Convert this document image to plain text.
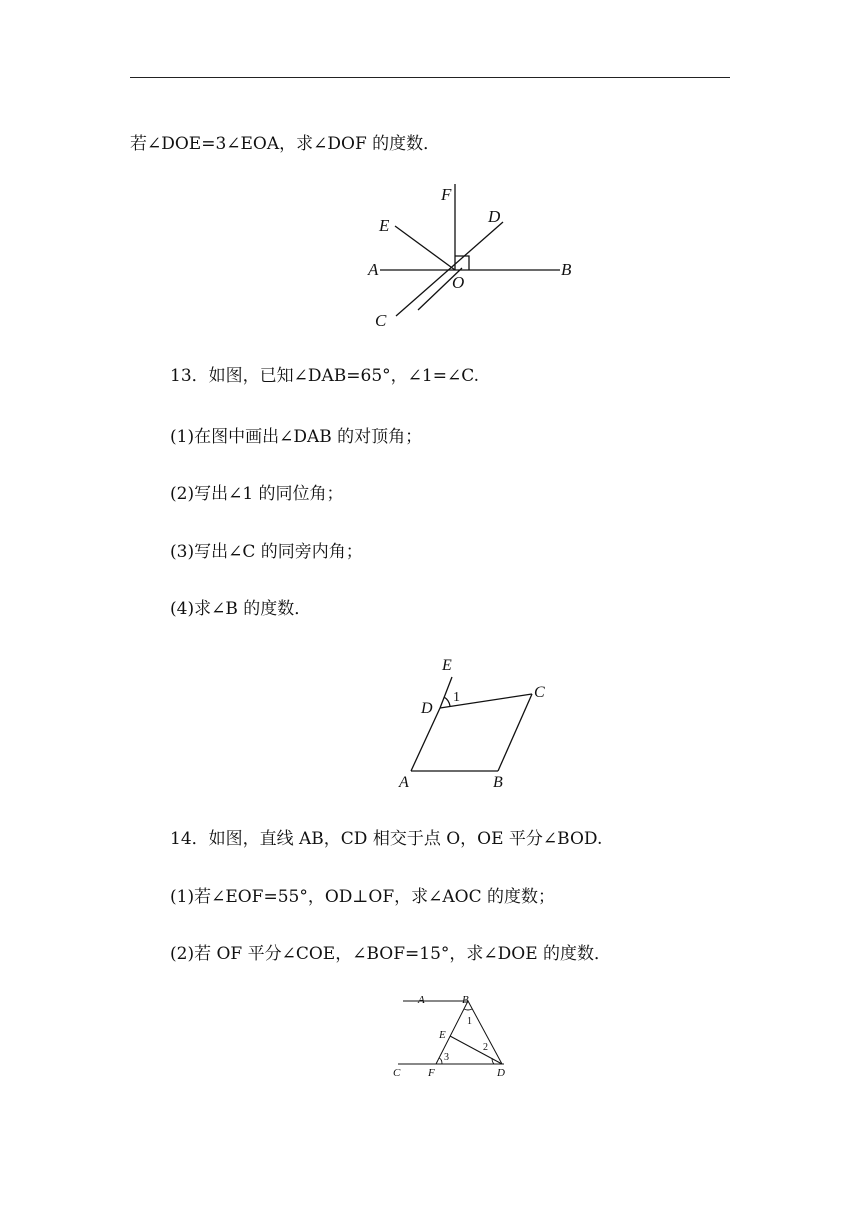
若∠DOE=3∠EOA，求∠DOF 的度数．
A	B
C
D
E
F
O
13．如图，已知∠DAB=65°，∠1=∠C.
(1)在图中画出∠DAB 的对顶角；
(2)写出∠1 的同位角；
(3)写出∠C 的同旁内角；
(4)求∠B 的度数．
A	B
C
D
E
1
14．如图，直线 AB，CD 相交于点 O，OE 平分∠BOD.
(1)若∠EOF=55°，OD⊥OF，求∠AOC 的度数；
(2)若 OF 平分∠COE，∠BOF=15°，求∠DOE 的度数．
A	B
C	D
E
F
1
2
3
